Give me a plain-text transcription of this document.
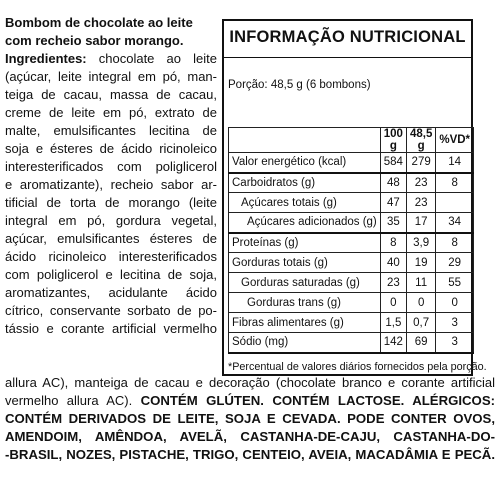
Bombom de chocolate ao leite
com recheio sabor morango.
Ingredientes: chocolate ao leite
(açúcar, leite integral em pó, man-
teiga de cacau, massa de cacau,
creme de leite em pó, extrato de
malte, emulsificantes lecitina de
soja e ésteres de ácido ricinoleico
interesterificados com poliglicerol
e aromatizante), recheio sabor ar-
tificial de torta de morango (leite
integral em pó, gordura vegetal,
açúcar, emulsificantes ésteres de
ácido ricinoleico interesterificados
com poliglicerol e lecitina de soja,
aromatizantes, acidulante ácido
cítrico, conservante sorbato de po-
tássio e corante artificial vermelho
INFORMAÇÃO NUTRICIONAL
Porção: 48,5 g (6 bombons)
	100 g	48,5 g	%VD*
Valor energético (kcal)	584	279	14
Carboidratos (g)	48	23	8
Açúcares totais (g)	47	23	
Açúcares adicionados (g)	35	17	34
Proteínas (g)	8	3,9	8
Gorduras totais (g)	40	19	29
Gorduras saturadas (g)	23	11	55
Gorduras trans (g)	0	0	0
Fibras alimentares (g)	1,5	0,7	3
Sódio (mg)	142	69	3
*Percentual de valores diários fornecidos pela porção.
allura AC), manteiga de cacau e decoração (chocolate branco e corante artificial
vermelho allura AC). CONTÉM GLÚTEN. CONTÉM LACTOSE. ALÉRGICOS:
CONTÉM DERIVADOS DE LEITE, SOJA E CEVADA. PODE CONTER OVOS,
AMENDOIM, AMÊNDOA, AVELÃ, CASTANHA-DE-CAJU, CASTANHA-DO-
-BRASIL, NOZES, PISTACHE, TRIGO, CENTEIO, AVEIA, MACADÂMIA E PECÃ.
